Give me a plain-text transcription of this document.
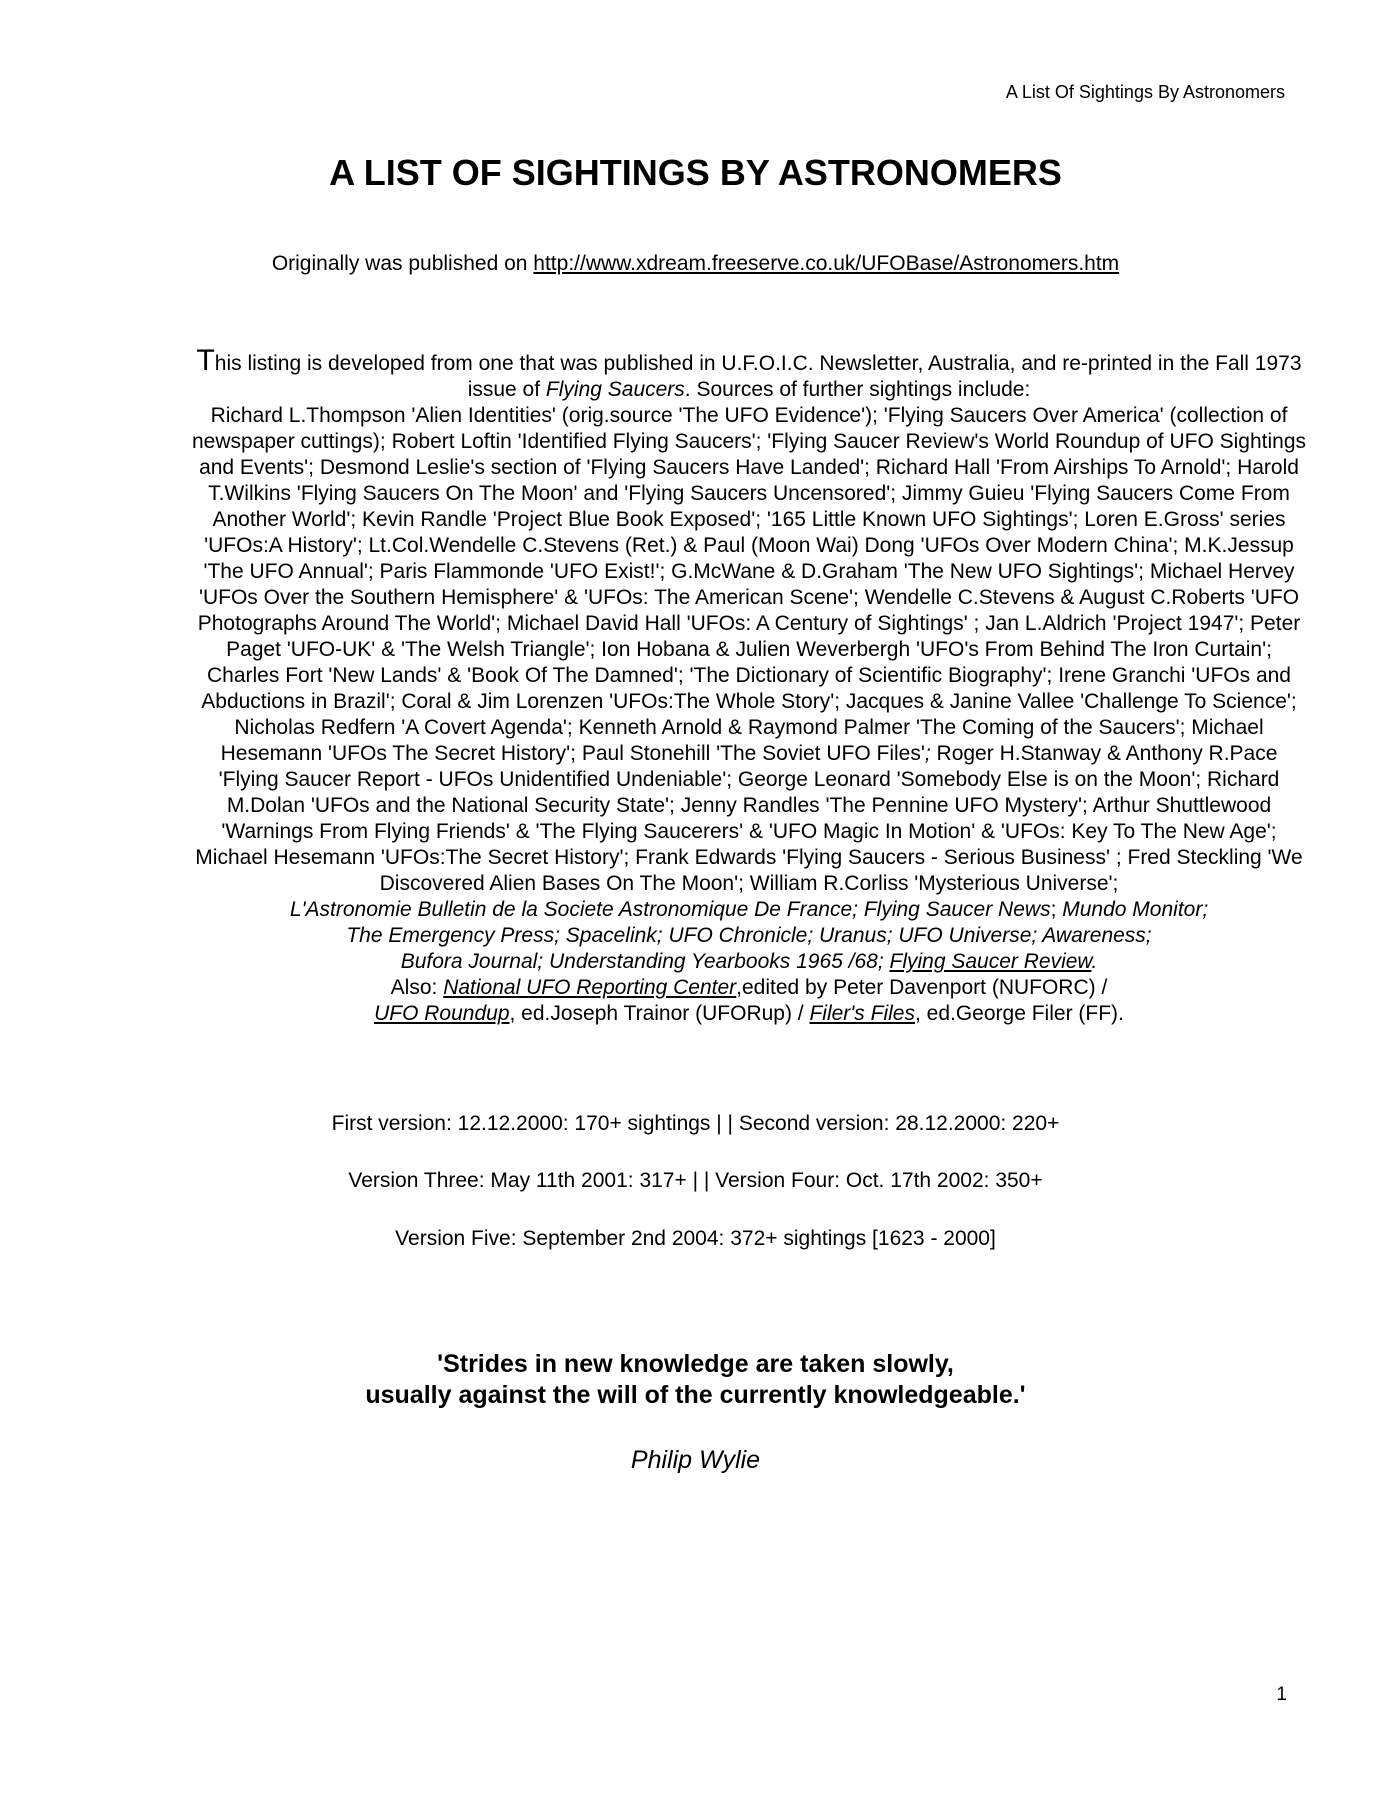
A List Of Sightings By Astronomers
A LIST OF SIGHTINGS BY ASTRONOMERS
Originally was published on http://www.xdream.freeserve.co.uk/UFOBase/Astronomers.htm
This listing is developed from one that was published in U.F.O.I.C. Newsletter, Australia, and re-printed in the Fall 1973 issue of Flying Saucers. Sources of further sightings include:
Richard L.Thompson 'Alien Identities' (orig.source 'The UFO Evidence'); 'Flying Saucers Over America' (collection of newspaper cuttings); Robert Loftin 'Identified Flying Saucers'; 'Flying Saucer Review's World Roundup of UFO Sightings and Events'; Desmond Leslie's section of 'Flying Saucers Have Landed'; Richard Hall 'From Airships To Arnold'; Harold T.Wilkins 'Flying Saucers On The Moon' and 'Flying Saucers Uncensored'; Jimmy Guieu 'Flying Saucers Come From Another World'; Kevin Randle 'Project Blue Book Exposed'; '165 Little Known UFO Sightings'; Loren E.Gross' series 'UFOs:A History'; Lt.Col.Wendelle C.Stevens (Ret.) & Paul (Moon Wai) Dong 'UFOs Over Modern China'; M.K.Jessup 'The UFO Annual'; Paris Flammonde 'UFO Exist!'; G.McWane & D.Graham 'The New UFO Sightings'; Michael Hervey 'UFOs Over the Southern Hemisphere' & 'UFOs: The American Scene'; Wendelle C.Stevens & August C.Roberts 'UFO Photographs Around The World'; Michael David Hall 'UFOs: A Century of Sightings' ; Jan L.Aldrich 'Project 1947'; Peter Paget 'UFO-UK' & 'The Welsh Triangle'; Ion Hobana & Julien Weverbergh 'UFO's From Behind The Iron Curtain'; Charles Fort 'New Lands' & 'Book Of The Damned'; 'The Dictionary of Scientific Biography'; Irene Granchi 'UFOs and Abductions in Brazil'; Coral & Jim Lorenzen 'UFOs:The Whole Story'; Jacques & Janine Vallee 'Challenge To Science'; Nicholas Redfern 'A Covert Agenda'; Kenneth Arnold & Raymond Palmer 'The Coming of the Saucers'; Michael Hesemann 'UFOs The Secret History'; Paul Stonehill 'The Soviet UFO Files'; Roger H.Stanway & Anthony R.Pace 'Flying Saucer Report - UFOs Unidentified Undeniable'; George Leonard 'Somebody Else is on the Moon'; Richard M.Dolan 'UFOs and the National Security State'; Jenny Randles 'The Pennine UFO Mystery'; Arthur Shuttlewood 'Warnings From Flying Friends' & 'The Flying Saucerers' & 'UFO Magic In Motion' & 'UFOs: Key To The New Age'; Michael Hesemann 'UFOs:The Secret History'; Frank Edwards 'Flying Saucers - Serious Business' ; Fred Steckling 'We Discovered Alien Bases On The Moon'; William R.Corliss 'Mysterious Universe';
L'Astronomie Bulletin de la Societe Astronomique De France; Flying Saucer News; Mundo Monitor;
The Emergency Press; Spacelink; UFO Chronicle; Uranus; UFO Universe; Awareness;
Bufora Journal; Understanding Yearbooks 1965 /68; Flying Saucer Review.
Also: National UFO Reporting Center,edited by Peter Davenport (NUFORC) /
UFO Roundup, ed.Joseph Trainor (UFORup) / Filer's Files, ed.George Filer (FF).
First version: 12.12.2000: 170+ sightings | | Second version: 28.12.2000: 220+
Version Three: May 11th 2001: 317+ | | Version Four: Oct. 17th 2002: 350+
Version Five: September 2nd 2004: 372+ sightings [1623 - 2000]
'Strides in new knowledge are taken slowly,
usually against the will of the currently knowledgeable.'
Philip Wylie
1
